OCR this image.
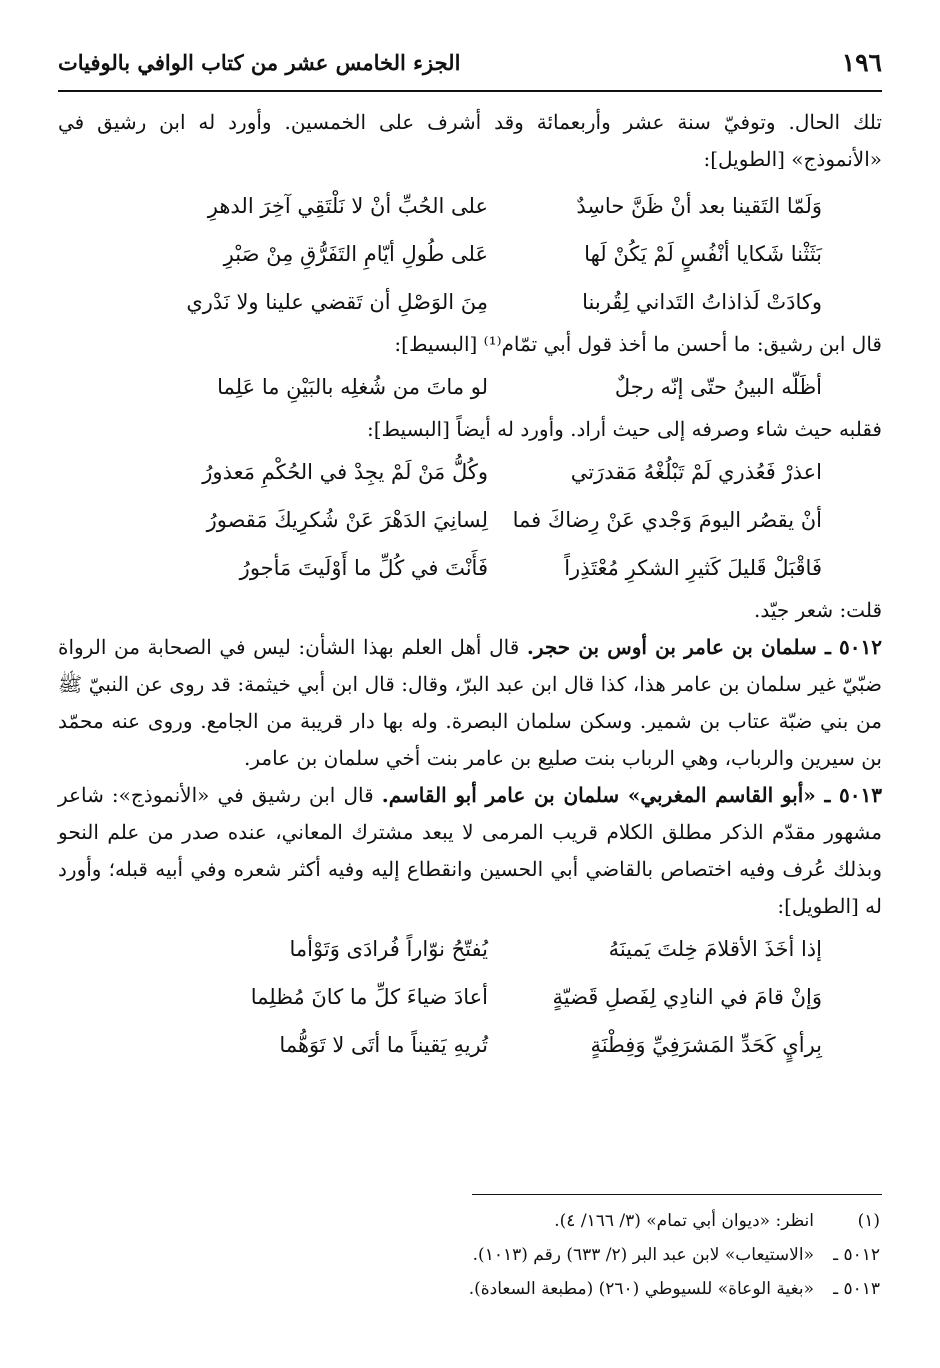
١٩٦
الجزء الخامس عشر من كتاب الوافي بالوفيات

تلك الحال. وتوفيّ سنة عشر وأربعمائة وقد أشرف على الخمسين. وأورد له ابن رشيق في «الأنموذج» [الطويل]:

وَلَمّا التَقينا بعد أنْ ظَنَّ حاسِدٌ
على الحُبِّ أنْ لا نَلْتَقِي آخِرَ الدهرِ
بَثَثْنا شَكايا أنْفُسٍ لَمْ يَكُنْ لَها
عَلى طُولِ أيّامِ التَفَرُّقِ مِنْ صَبْرِ
وكادَتْ لَذاذاتُ التَداني لِقُربنا
مِنَ الوَصْلِ أن تَقضي علينا ولا نَدْري

قال ابن رشيق: ما أحسن ما أخذ قول أبي تمّام⁽¹⁾ [البسيط]:

أظَلّه البينُ حتّى إنّه رجلٌ
لو ماتَ من شُغلِه بالبَيْنِ ما عَلِما

فقلبه حيث شاء وصرفه إلى حيث أراد. وأورد له أيضاً [البسيط]:

اعذرْ فَعُذري لَمْ تَبْلُغْهُ مَقدرَتي
وكُلُّ مَنْ لَمْ يجِدْ في الحُكْمِ مَعذورُ
أنْ يقصُر اليومَ وَجْدي عَنْ رِضاكَ فما
لِسانِيَ الدَهْرَ عَنْ شُكرِيكَ مَقصورُ
فَاقْبَلْ قَليلَ كَثيرِ الشكرِ مُعْتَذِراً
فَأَنْتَ في كُلِّ ما أَوْلَيتَ مَأجورُ

قلت: شعر جيّد.

٥٠١٢ ـ سلمان بن عامر بن أوس بن حجر. قال أهل العلم بهذا الشأن: ليس في الصحابة من الرواة ضبّيّ غير سلمان بن عامر هذا، كذا قال ابن عبد البرّ، وقال: قال ابن أبي خيثمة: قد روى عن النبيّ ﷺ من بني ضبّة عتاب بن شمير. وسكن سلمان البصرة. وله بها دار قريبة من الجامع. وروى عنه محمّد بن سيرين والرباب، وهي الرباب بنت صليع بن عامر بنت أخي سلمان بن عامر.

٥٠١٣ ـ «أبو القاسم المغربي» سلمان بن عامر أبو القاسم. قال ابن رشيق في «الأنموذج»: شاعر مشهور مقدّم الذكر مطلق الكلام قريب المرمى لا يبعد مشترك المعاني، عنده صدر من علم النحو وبذلك عُرف وفيه اختصاص بالقاضي أبي الحسين وانقطاع إليه وفيه أكثر شعره وفي أبيه قبله؛ وأورد له [الطويل]:

إذا أخَذَ الأقلامَ خِلتَ يَمينَهُ
يُفتّحُ نوّاراً فُرادَى وَتَوْأما
وَإنْ قامَ في النادِي لِفَصلِ قَضيّةٍ
أعادَ ضياءَ كلِّ ما كانَ مُظلِما
بِرأيٍ كَحَدِّ المَشرَفِيِّ وَفِطْنَةٍ
تُريهِ يَقيناً ما أتَى لا تَوَهُّما
(١)انظر: «ديوان أبي تمام» (٣/ ١٦٦/ ٤).
٥٠١٢ ـ«الاستيعاب» لابن عبد البر (٢/ ٦٣٣) رقم (١٠١٣).
٥٠١٣ ـ«بغية الوعاة» للسيوطي (٢٦٠) (مطبعة السعادة).
